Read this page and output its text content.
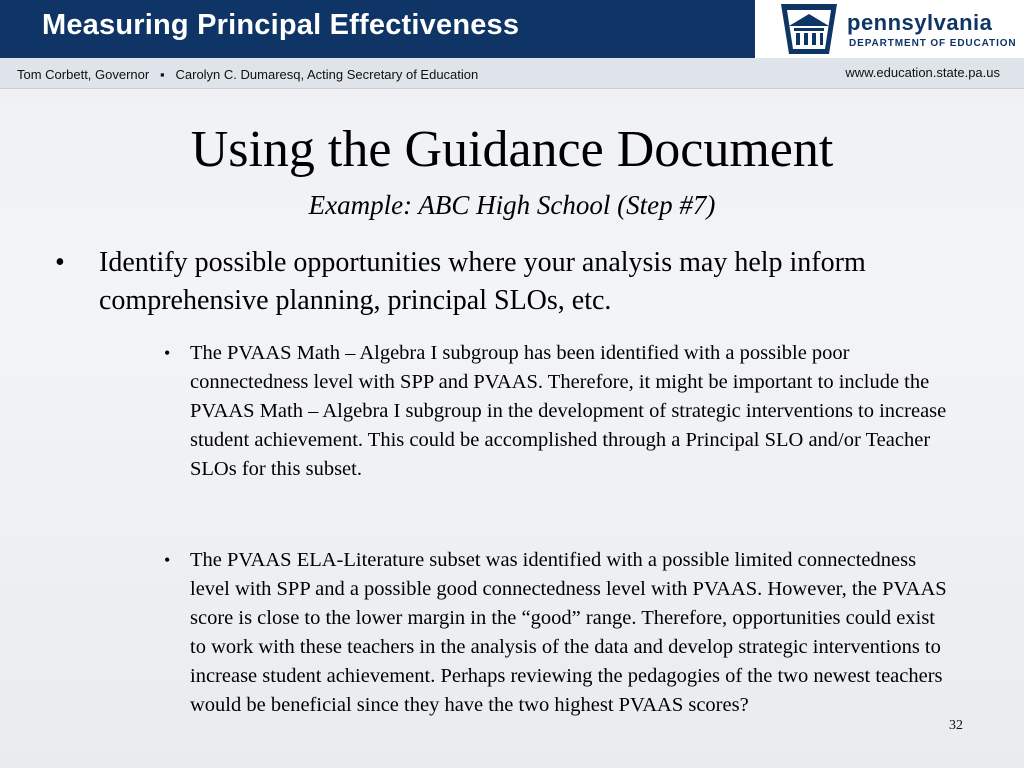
Measuring Principal Effectiveness	pennsylvania
DEPARTMENT OF EDUCATION
Tom Corbett, Governor   ▪   Carolyn C. Dumaresq, Acting Secretary of Education	www.education.state.pa.us
Using the Guidance Document
Example: ABC High School (Step #7)
• Identify possible opportunities where your analysis may help inform comprehensive planning, principal SLOs, etc.
• The PVAAS Math – Algebra I subgroup has been identified with a possible poor connectedness level with SPP and PVAAS. Therefore, it might be important to include the PVAAS Math – Algebra I subgroup in the development of strategic interventions to increase student achievement. This could be accomplished through a Principal SLO and/or Teacher SLOs for this subset.
• The PVAAS ELA-Literature subset was identified with a possible limited connectedness level with SPP and a possible good connectedness level with PVAAS. However, the PVAAS score is close to the lower margin in the “good” range. Therefore, opportunities could exist to work with these teachers in the analysis of the data and develop strategic interventions to increase student achievement. Perhaps reviewing the pedagogies of the two newest teachers would be beneficial since they have the two highest PVAAS scores?
32
